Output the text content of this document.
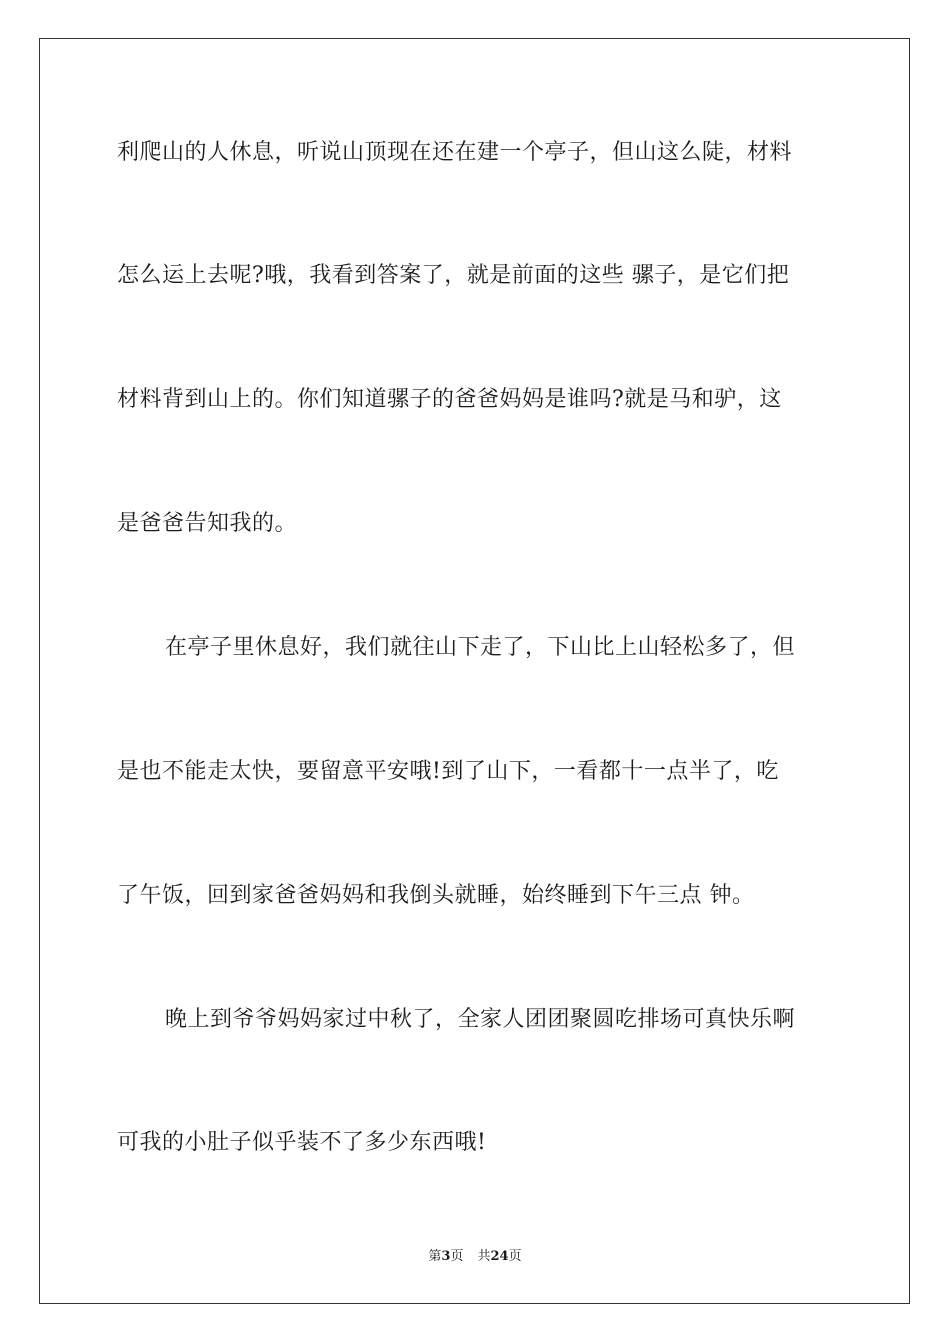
利爬山的人休息，听说山顶现在还在建一个亭子，但山这么陡，材料
怎么运上去呢?哦，我看到答案了，就是前面的这些 骡子，是它们把
材料背到山上的。你们知道骡子的爸爸妈妈是谁吗?就是马和驴，这
是爸爸告知我的。
在亭子里休息好，我们就往山下走了，下山比上山轻松多了，但
是也不能走太快，要留意平安哦!到了山下，一看都十一点半了，吃
了午饭，回到家爸爸妈妈和我倒头就睡，始终睡到下午三点 钟。
晚上到爷爷妈妈家过中秋了，全家人团团聚圆吃排场可真快乐啊
可我的小肚子似乎装不了多少东西哦!
第3页 共24页
